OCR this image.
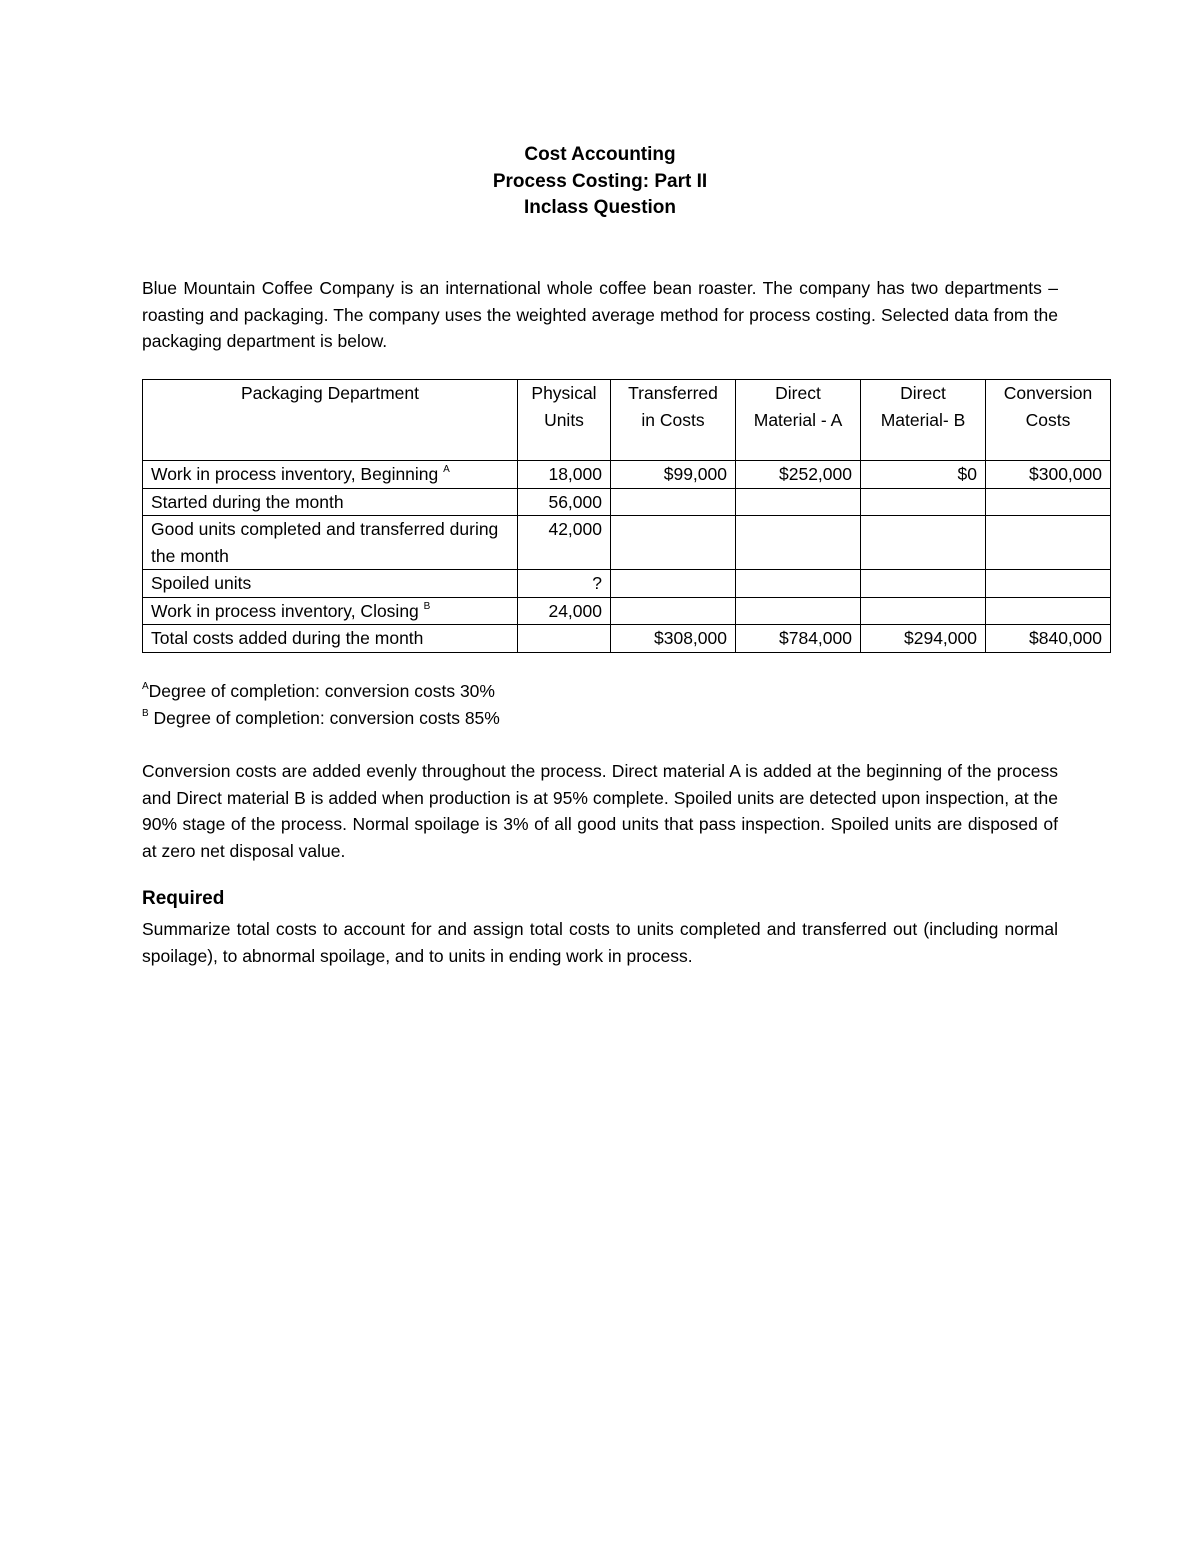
Cost Accounting
Process Costing: Part II
Inclass Question
Blue Mountain Coffee Company is an international whole coffee bean roaster. The company has two departments – roasting and packaging. The company uses the weighted average method for process costing. Selected data from the packaging department is below.
Packaging Department	Physical Units	Transferred in Costs	Direct Material - A	Direct Material- B	Conversion Costs
Work in process inventory, Beginning $^A$	18,000	$99,000	$252,000	$0	$300,000
Started during the month	56,000				
Good units completed and transferred during the month	42,000				
Spoiled units	?				
Work in process inventory, Closing $^B$	24,000				
Total costs added during the month		$308,000	$784,000	$294,000	$840,000
$^A$Degree of completion: conversion costs 30%
$^B$ Degree of completion: conversion costs 85%
Conversion costs are added evenly throughout the process. Direct material A is added at the beginning of the process and Direct material B is added when production is at 95% complete. Spoiled units are detected upon inspection, at the 90% stage of the process. Normal spoilage is 3% of all good units that pass inspection. Spoiled units are disposed of at zero net disposal value.
Required
Summarize total costs to account for and assign total costs to units completed and transferred out (including normal spoilage), to abnormal spoilage, and to units in ending work in process.
